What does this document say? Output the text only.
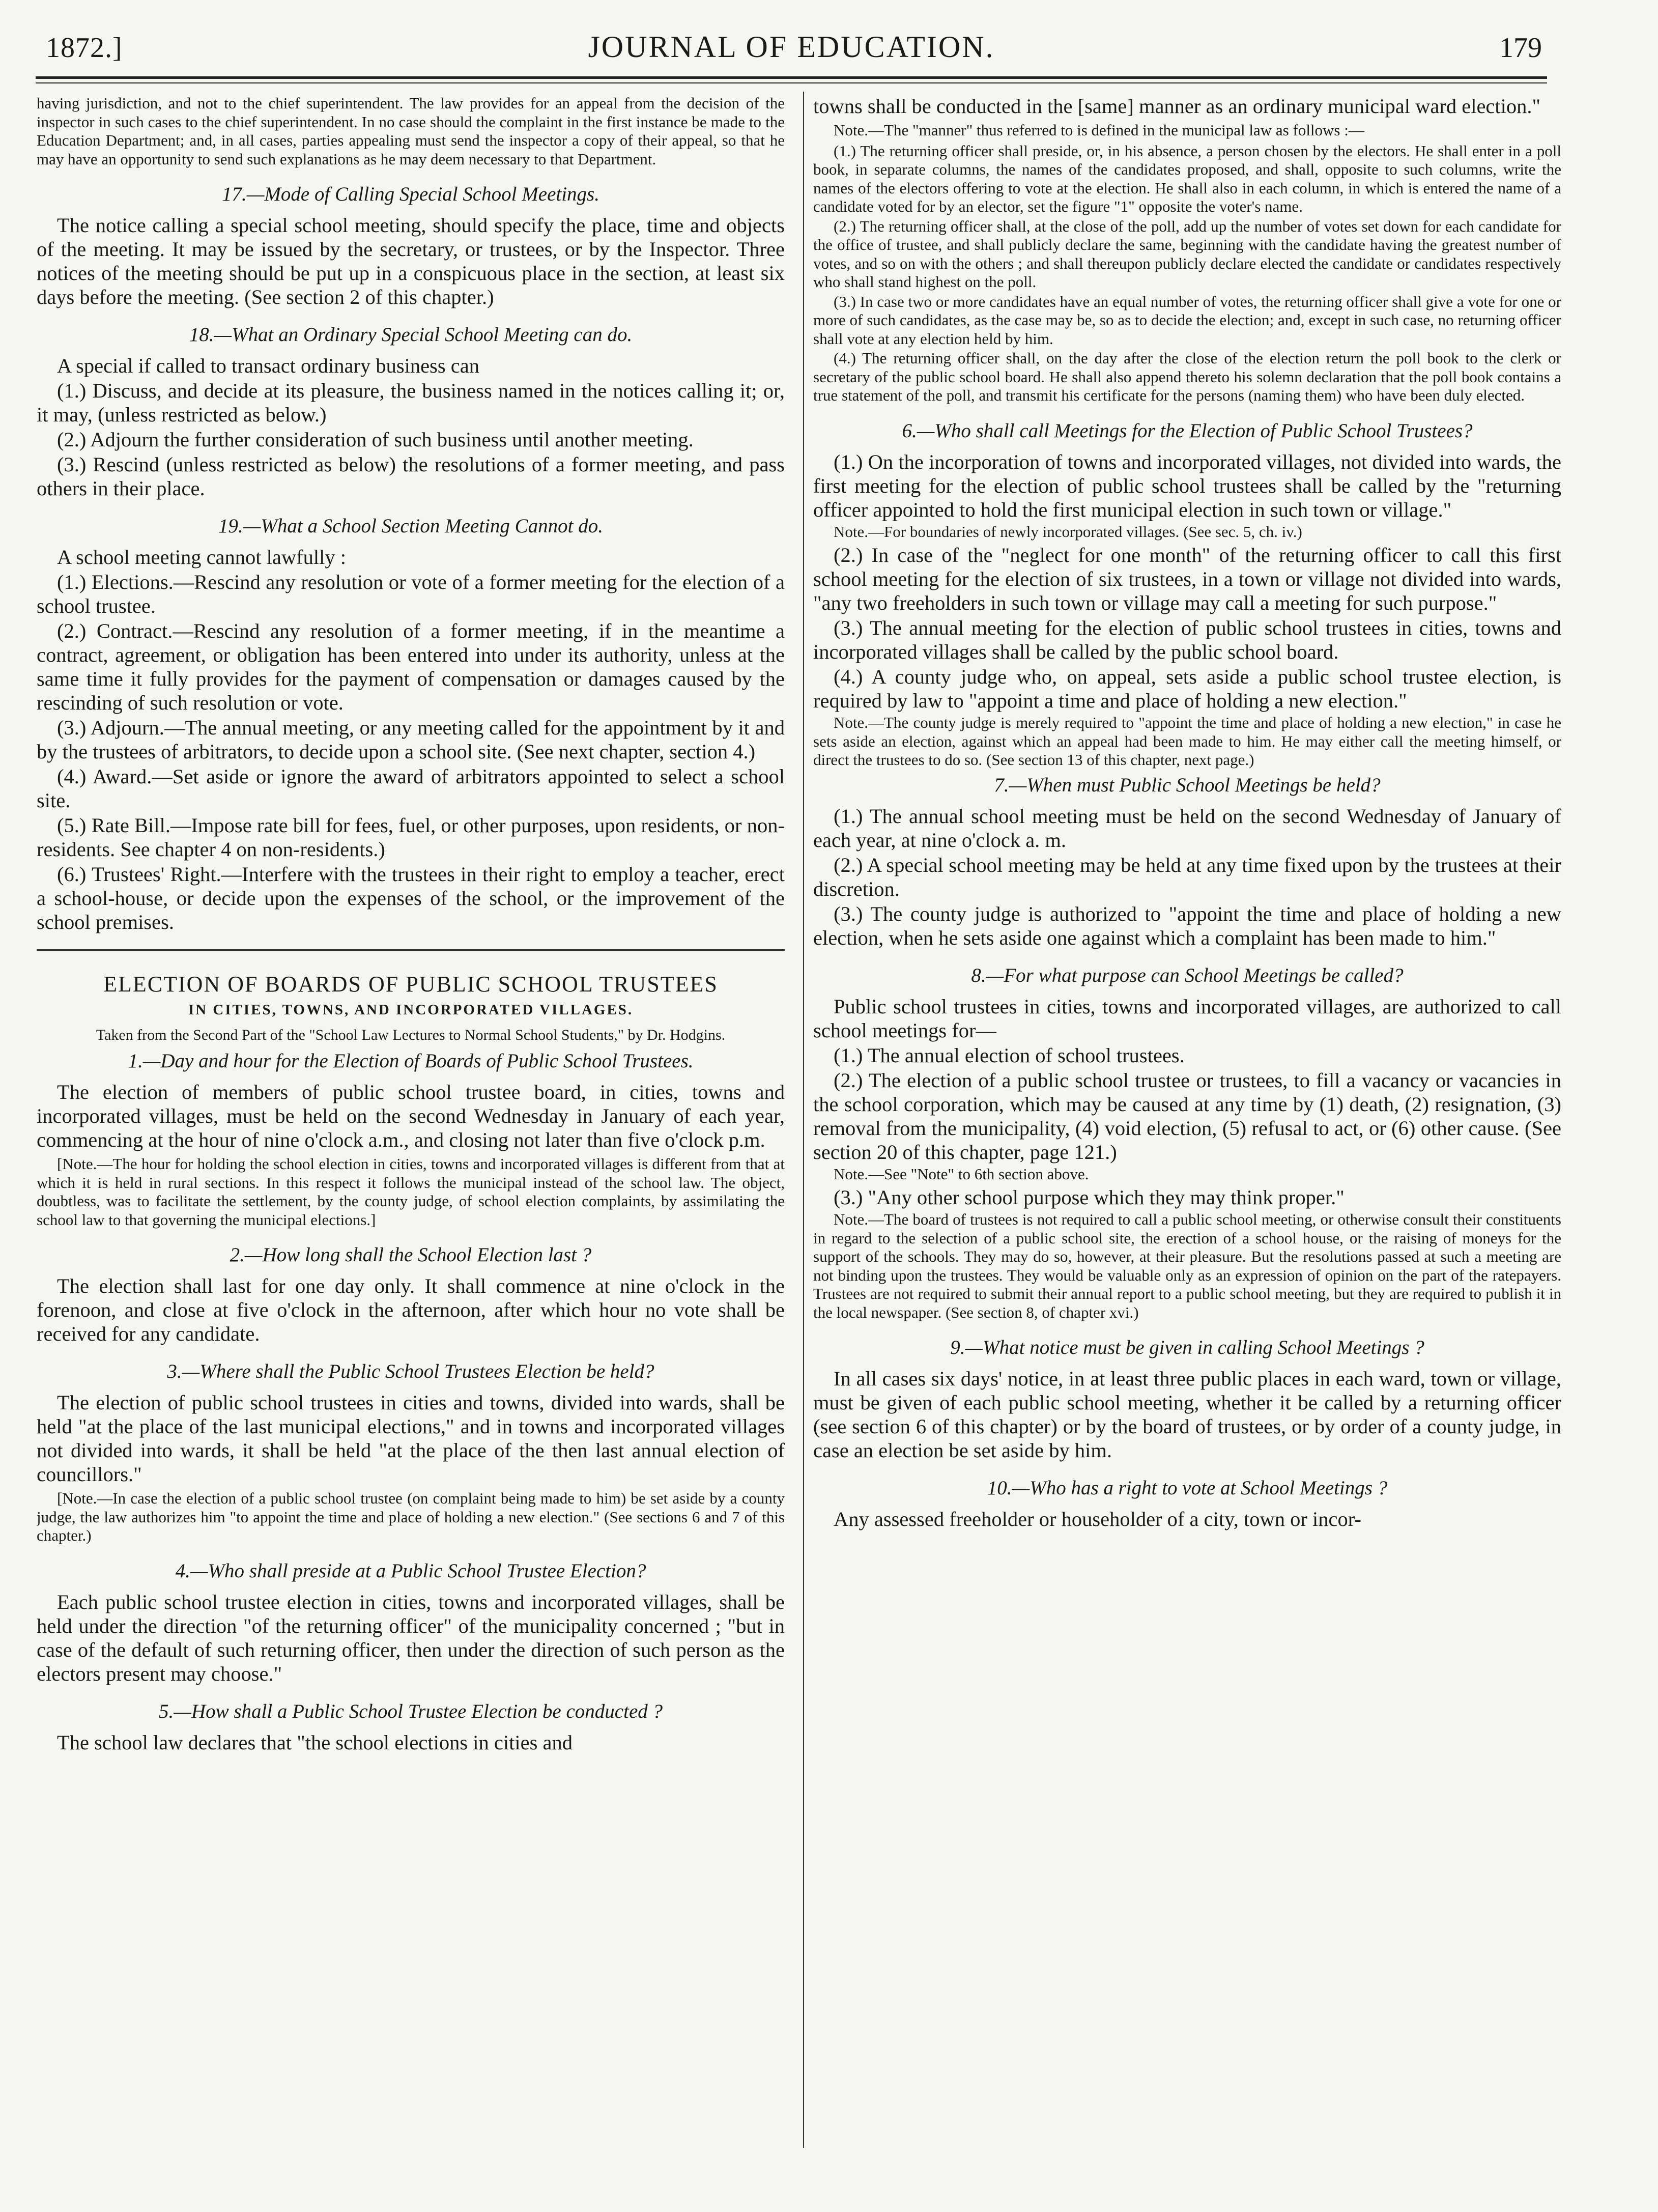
1872.]	JOURNAL OF EDUCATION.	179

having jurisdiction, and not to the chief superintendent. The law provides for an appeal from the decision of the inspector in such cases to the chief superintendent. In no case should the complaint in the first instance be made to the Education Department; and, in all cases, parties appealing must send the inspector a copy of their appeal, so that he may have an opportunity to send such explanations as he may deem necessary to that Department.

17.—Mode of Calling Special School Meetings.

The notice calling a special school meeting, should specify the place, time and objects of the meeting. It may be issued by the secretary, or trustees, or by the Inspector. Three notices of the meeting should be put up in a conspicuous place in the section, at least six days before the meeting. (See section 2 of this chapter.)

18.—What an Ordinary Special School Meeting can do.

A special if called to transact ordinary business can

(1.) Discuss, and decide at its pleasure, the business named in the notices calling it; or, it may, (unless restricted as below.)

(2.) Adjourn the further consideration of such business until another meeting.

(3.) Rescind (unless restricted as below) the resolutions of a former meeting, and pass others in their place.

19.—What a School Section Meeting Cannot do.

A school meeting cannot lawfully :

(1.) Elections.—Rescind any resolution or vote of a former meeting for the election of a school trustee.

(2.) Contract.—Rescind any resolution of a former meeting, if in the meantime a contract, agreement, or obligation has been entered into under its authority, unless at the same time it fully provides for the payment of compensation or damages caused by the rescinding of such resolution or vote.

(3.) Adjourn.—The annual meeting, or any meeting called for the appointment by it and by the trustees of arbitrators, to decide upon a school site. (See next chapter, section 4.)

(4.) Award.—Set aside or ignore the award of arbitrators appointed to select a school site.

(5.) Rate Bill.—Impose rate bill for fees, fuel, or other purposes, upon residents, or non-residents. See chapter 4 on non-residents.)

(6.) Trustees' Right.—Interfere with the trustees in their right to employ a teacher, erect a school-house, or decide upon the expenses of the school, or the improvement of the school premises.

ELECTION OF BOARDS OF PUBLIC SCHOOL TRUSTEES

IN CITIES, TOWNS, AND INCORPORATED VILLAGES.

Taken from the Second Part of the "School Law Lectures to Normal School Students," by Dr. Hodgins.

1.—Day and hour for the Election of Boards of Public School Trustees.

The election of members of public school trustee board, in cities, towns and incorporated villages, must be held on the second Wednesday in January of each year, commencing at the hour of nine o'clock a.m., and closing not later than five o'clock p.m.

[Note.—The hour for holding the school election in cities, towns and incorporated villages is different from that at which it is held in rural sections. In this respect it follows the municipal instead of the school law. The object, doubtless, was to facilitate the settlement, by the county judge, of school election complaints, by assimilating the school law to that governing the municipal elections.]

2.—How long shall the School Election last ?

The election shall last for one day only. It shall commence at nine o'clock in the forenoon, and close at five o'clock in the afternoon, after which hour no vote shall be received for any candidate.

3.—Where shall the Public School Trustees Election be held?

The election of public school trustees in cities and towns, divided into wards, shall be held "at the place of the last municipal elections," and in towns and incorporated villages not divided into wards, it shall be held "at the place of the then last annual election of councillors."

[Note.—In case the election of a public school trustee (on complaint being made to him) be set aside by a county judge, the law authorizes him "to appoint the time and place of holding a new election." (See sections 6 and 7 of this chapter.)

4.—Who shall preside at a Public School Trustee Election?

Each public school trustee election in cities, towns and incorporated villages, shall be held under the direction "of the returning officer" of the municipality concerned ; "but in case of the default of such returning officer, then under the direction of such person as the electors present may choose."

5.—How shall a Public School Trustee Election be conducted ?

The school law declares that "the school elections in cities and

towns shall be conducted in the [same] manner as an ordinary municipal ward election."

Note.—The "manner" thus referred to is defined in the municipal law as follows :—

(1.) The returning officer shall preside, or, in his absence, a person chosen by the electors. He shall enter in a poll book, in separate columns, the names of the candidates proposed, and shall, opposite to such columns, write the names of the electors offering to vote at the election. He shall also in each column, in which is entered the name of a candidate voted for by an elector, set the figure "1" opposite the voter's name.

(2.) The returning officer shall, at the close of the poll, add up the number of votes set down for each candidate for the office of trustee, and shall publicly declare the same, beginning with the candidate having the greatest number of votes, and so on with the others ; and shall thereupon publicly declare elected the candidate or candidates respectively who shall stand highest on the poll.

(3.) In case two or more candidates have an equal number of votes, the returning officer shall give a vote for one or more of such candidates, as the case may be, so as to decide the election; and, except in such case, no returning officer shall vote at any election held by him.

(4.) The returning officer shall, on the day after the close of the election return the poll book to the clerk or secretary of the public school board. He shall also append thereto his solemn declaration that the poll book contains a true statement of the poll, and transmit his certificate for the persons (naming them) who have been duly elected.

6.—Who shall call Meetings for the Election of Public School Trustees?

(1.) On the incorporation of towns and incorporated villages, not divided into wards, the first meeting for the election of public school trustees shall be called by the "returning officer appointed to hold the first municipal election in such town or village."

Note.—For boundaries of newly incorporated villages. (See sec. 5, ch. iv.)

(2.) In case of the "neglect for one month" of the returning officer to call this first school meeting for the election of six trustees, in a town or village not divided into wards, "any two freeholders in such town or village may call a meeting for such purpose."

(3.) The annual meeting for the election of public school trustees in cities, towns and incorporated villages shall be called by the public school board.

(4.) A county judge who, on appeal, sets aside a public school trustee election, is required by law to "appoint a time and place of holding a new election."

Note.—The county judge is merely required to "appoint the time and place of holding a new election," in case he sets aside an election, against which an appeal had been made to him. He may either call the meeting himself, or direct the trustees to do so. (See section 13 of this chapter, next page.)

7.—When must Public School Meetings be held?

(1.) The annual school meeting must be held on the second Wednesday of January of each year, at nine o'clock a. m.

(2.) A special school meeting may be held at any time fixed upon by the trustees at their discretion.

(3.) The county judge is authorized to "appoint the time and place of holding a new election, when he sets aside one against which a complaint has been made to him."

8.—For what purpose can School Meetings be called?

Public school trustees in cities, towns and incorporated villages, are authorized to call school meetings for—

(1.) The annual election of school trustees.

(2.) The election of a public school trustee or trustees, to fill a vacancy or vacancies in the school corporation, which may be caused at any time by (1) death, (2) resignation, (3) removal from the municipality, (4) void election, (5) refusal to act, or (6) other cause. (See section 20 of this chapter, page 121.)

Note.—See "Note" to 6th section above.

(3.) "Any other school purpose which they may think proper."

Note.—The board of trustees is not required to call a public school meeting, or otherwise consult their constituents in regard to the selection of a public school site, the erection of a school house, or the raising of moneys for the support of the schools. They may do so, however, at their pleasure. But the resolutions passed at such a meeting are not binding upon the trustees. They would be valuable only as an expression of opinion on the part of the ratepayers. Trustees are not required to submit their annual report to a public school meeting, but they are required to publish it in the local newspaper. (See section 8, of chapter xvi.)

9.—What notice must be given in calling School Meetings ?

In all cases six days' notice, in at least three public places in each ward, town or village, must be given of each public school meeting, whether it be called by a returning officer (see section 6 of this chapter) or by the board of trustees, or by order of a county judge, in case an election be set aside by him.

10.—Who has a right to vote at School Meetings ?

Any assessed freeholder or householder of a city, town or incor-
